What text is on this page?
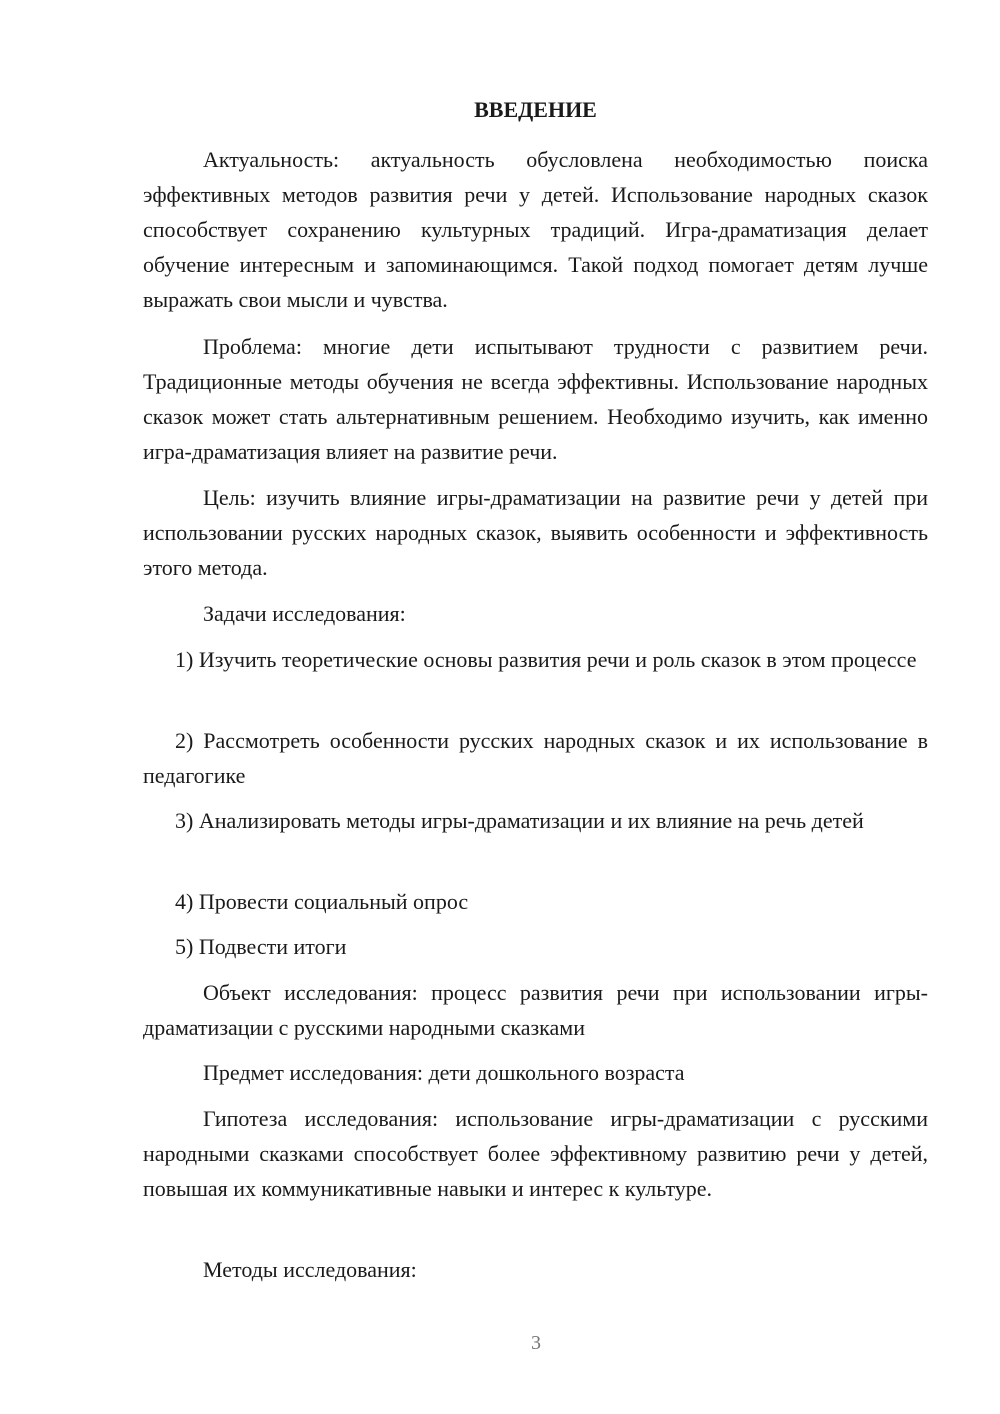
ВВЕДЕНИЕ

Актуальность: актуальность обусловлена необходимостью поиска эффективных методов развития речи у детей. Использование народных сказок способствует сохранению культурных традиций. Игра-драматизация делает обучение интересным и запоминающимся. Такой подход помогает детям лучше выражать свои мысли и чувства.

Проблема: многие дети испытывают трудности с развитием речи. Традиционные методы обучения не всегда эффективны. Использование народных сказок может стать альтернативным решением. Необходимо изучить, как именно игра-драматизация влияет на развитие речи.

Цель: изучить влияние игры-драматизации на развитие речи у детей при использовании русских народных сказок, выявить особенности и эффективность этого метода.

Задачи исследования:

1) Изучить теоретические основы развития речи и роль сказок в этом процессе

2) Рассмотреть особенности русских народных сказок и их использование в педагогике

3) Анализировать методы игры-драматизации и их влияние на речь детей

4) Провести социальный опрос

5) Подвести итоги

Объект исследования: процесс развития речи при использовании игры-драматизации с русскими народными сказками

Предмет исследования: дети дошкольного возраста

Гипотеза исследования: использование игры-драматизации с русскими народными сказками способствует более эффективному развитию речи у детей, повышая их коммуникативные навыки и интерес к культуре.

Методы исследования:

3
